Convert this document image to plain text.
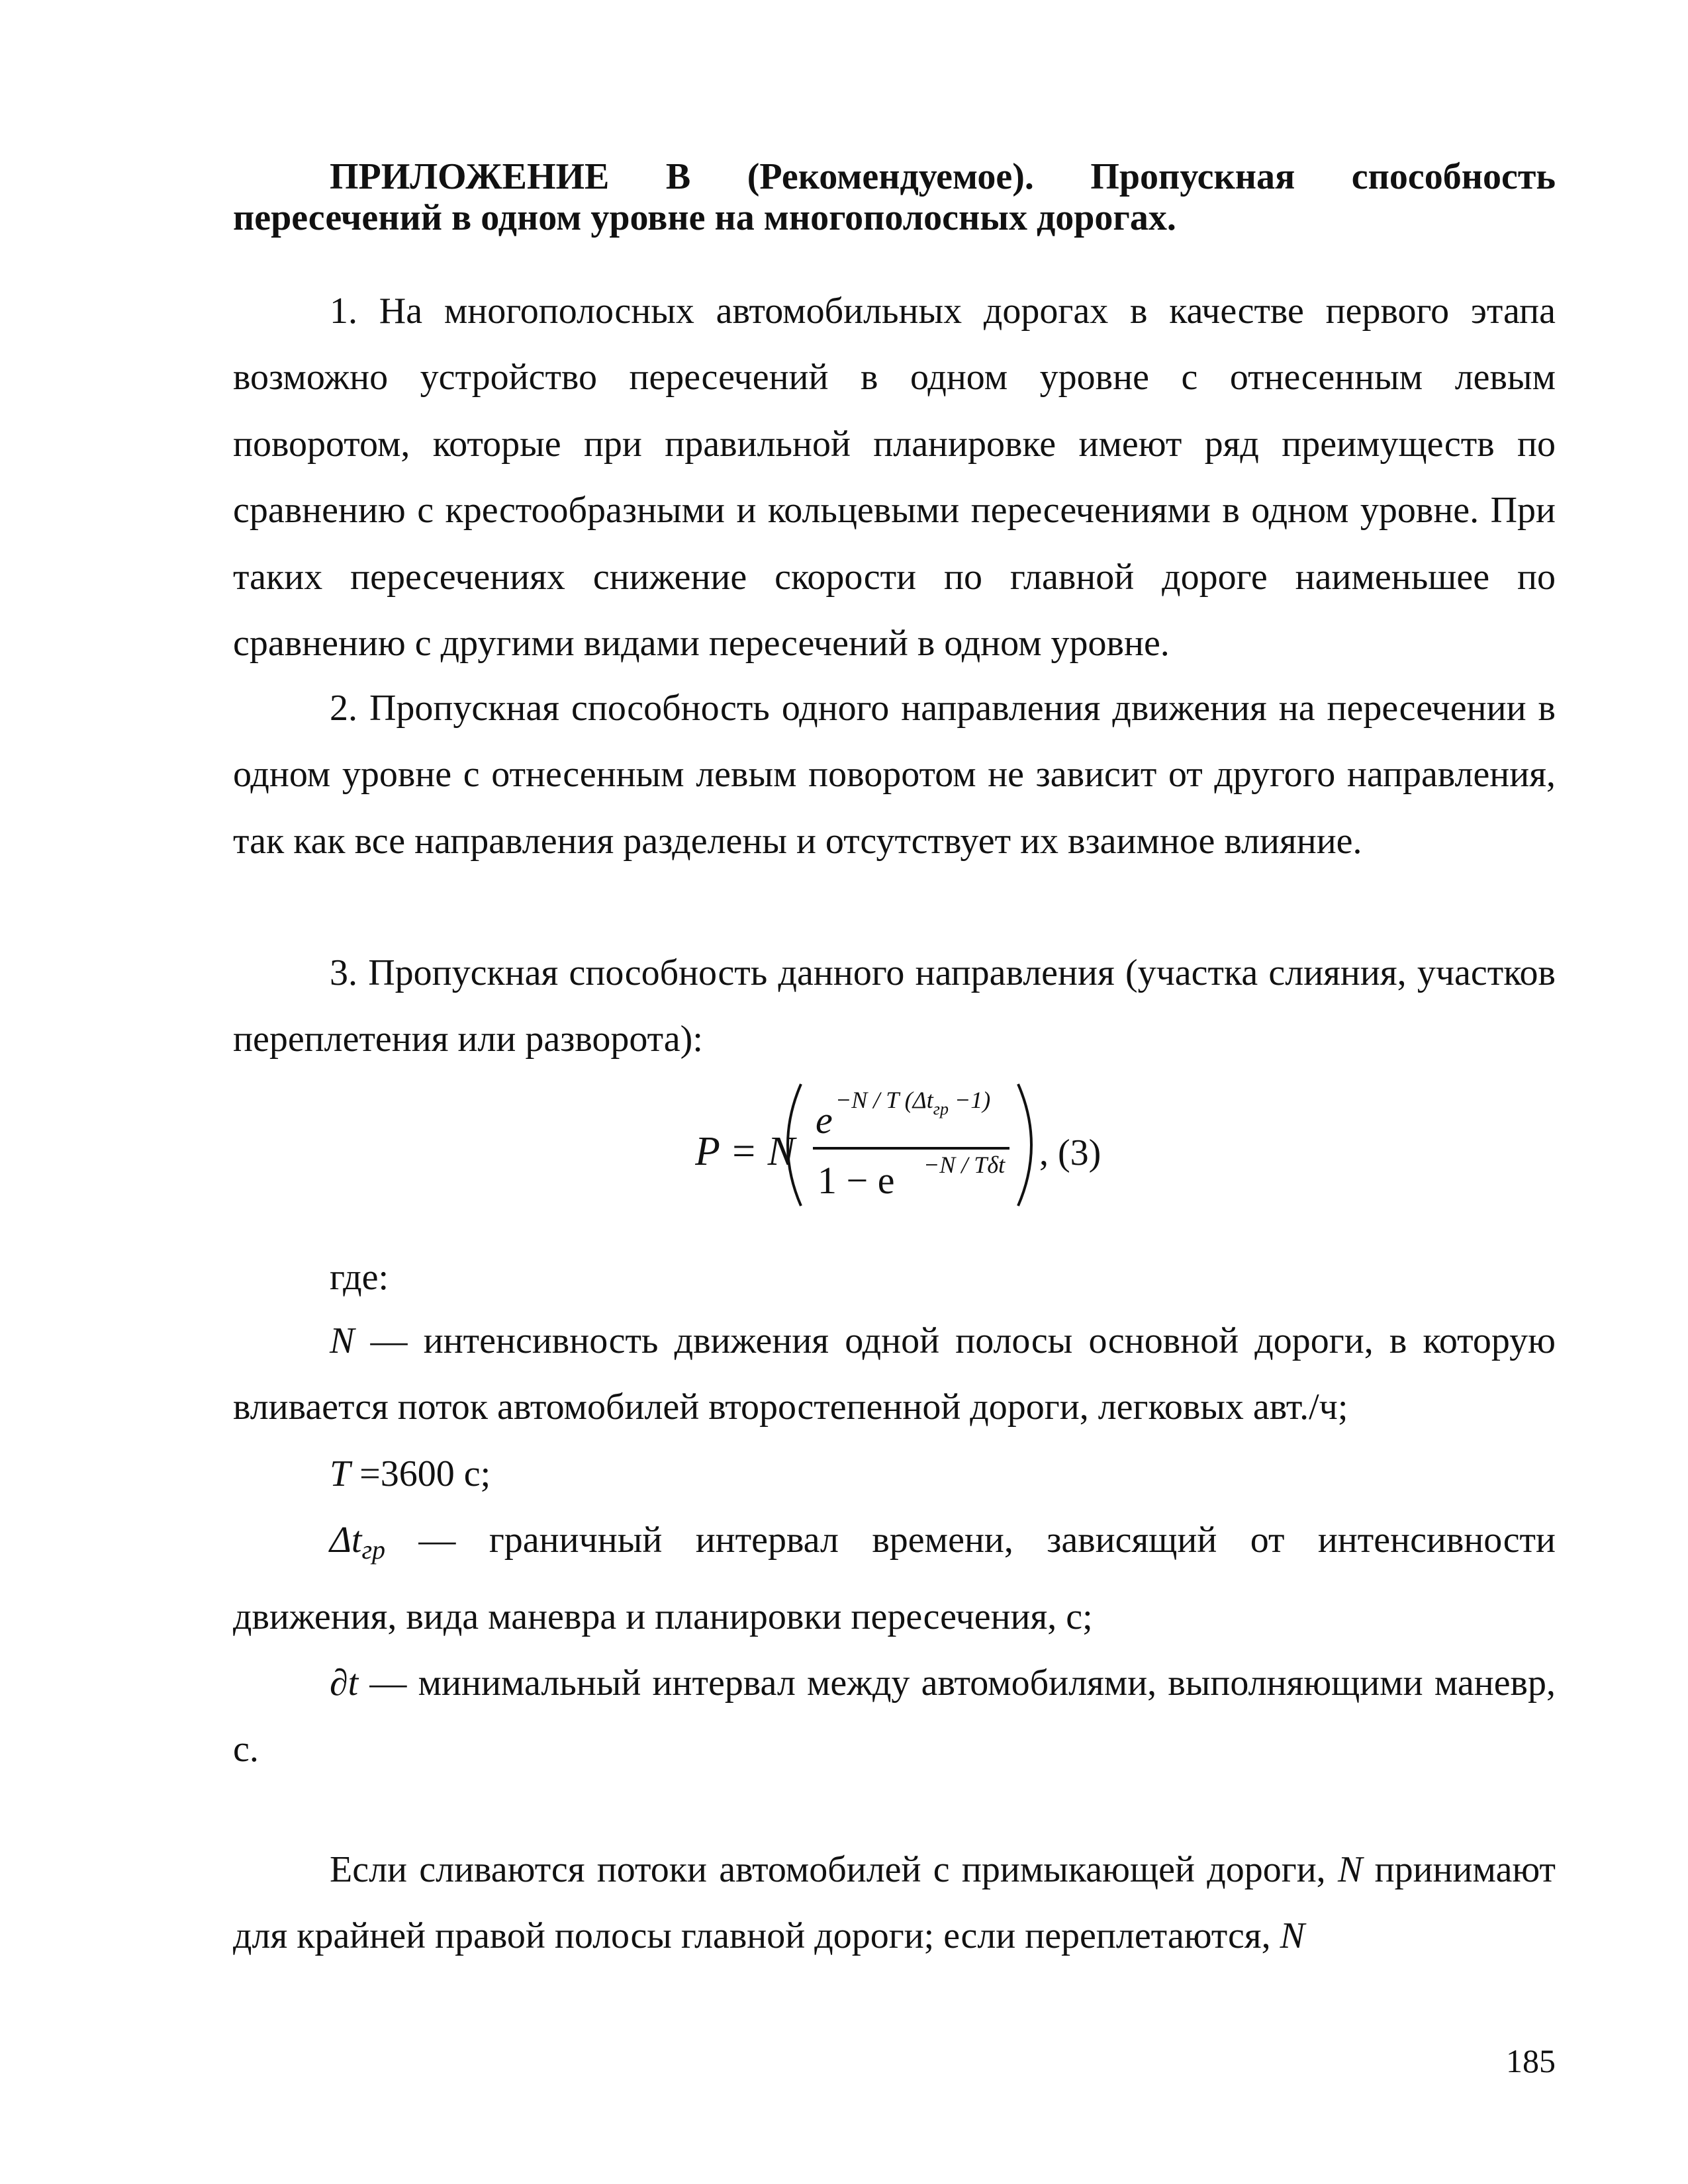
ПРИЛОЖЕНИЕ В (Рекомендуемое). Пропускная способность пересечений в одном уровне на многополосных дорогах.

1. На многополосных автомобильных дорогах в качестве первого этапа возможно устройство пересечений в одном уровне с отнесенным левым поворотом, которые при правильной планировке имеют ряд преимуществ по сравнению с крестообразными и кольцевыми пересечениями в одном уровне. При таких пересечениях снижение скорости по главной дороге наименьшее по сравнению с другими видами пересечений в одном уровне.

2. Пропускная способность одного направления движения на пересечении в одном уровне с отнесенным левым поворотом не зависит от другого направления, так как все направления разделены и отсутствует их взаимное влияние.

3. Пропускная способность данного направления (участка слияния, участков переплетения или разворота):

P = N
e −N / T $(\Delta t_{гр} -1)$
1 − e −N / Tδt , (3)

где:

N — интенсивность движения одной полосы основной дороги, в которую вливается поток автомобилей второстепенной дороги, легковых авт./ч;

T =3600 с;

$\Delta t_{гр}$ — граничный интервал времени, зависящий от интенсивности движения, вида маневра и планировки пересечения, с;

∂t — минимальный интервал между автомобилями, выполняющими маневр, с.

Если сливаются потоки автомобилей с примыкающей дороги, N принимают для крайней правой полосы главной дороги; если переплетаются, N

185
